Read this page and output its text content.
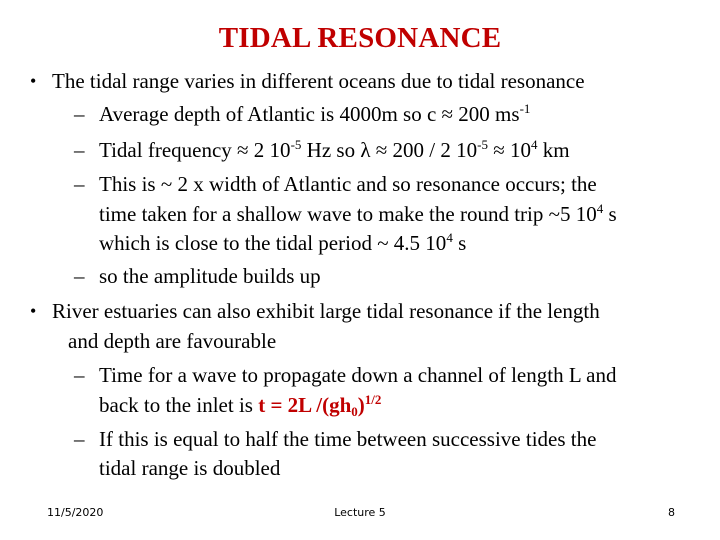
TIDAL RESONANCE
• The tidal range varies in different oceans due to tidal resonance
– Average depth of Atlantic is 4000m so c ≈ 200 $ms^{-1}$
– Tidal frequency ≈ 2 $10^{-5}$ Hz so λ ≈ 200 / 2 $10^{-5} \approx 10^4$ km
– This is ~ 2 x width of Atlantic and so resonance occurs; the
time taken for a shallow wave to make the round trip ~5 $10^4$ s
which is close to the tidal period ~ 4.5 $10^4$ s
– so the amplitude builds up
• River estuaries can also exhibit large tidal resonance if the length
and depth are favourable
– Time for a wave to propagate down a channel of length L and
back to the inlet is t = 2L $/(gh_0)^{1/2}$
– If this is equal to half the time between successive tides the
tidal range is doubled
11/5/2020	Lecture 5	8
